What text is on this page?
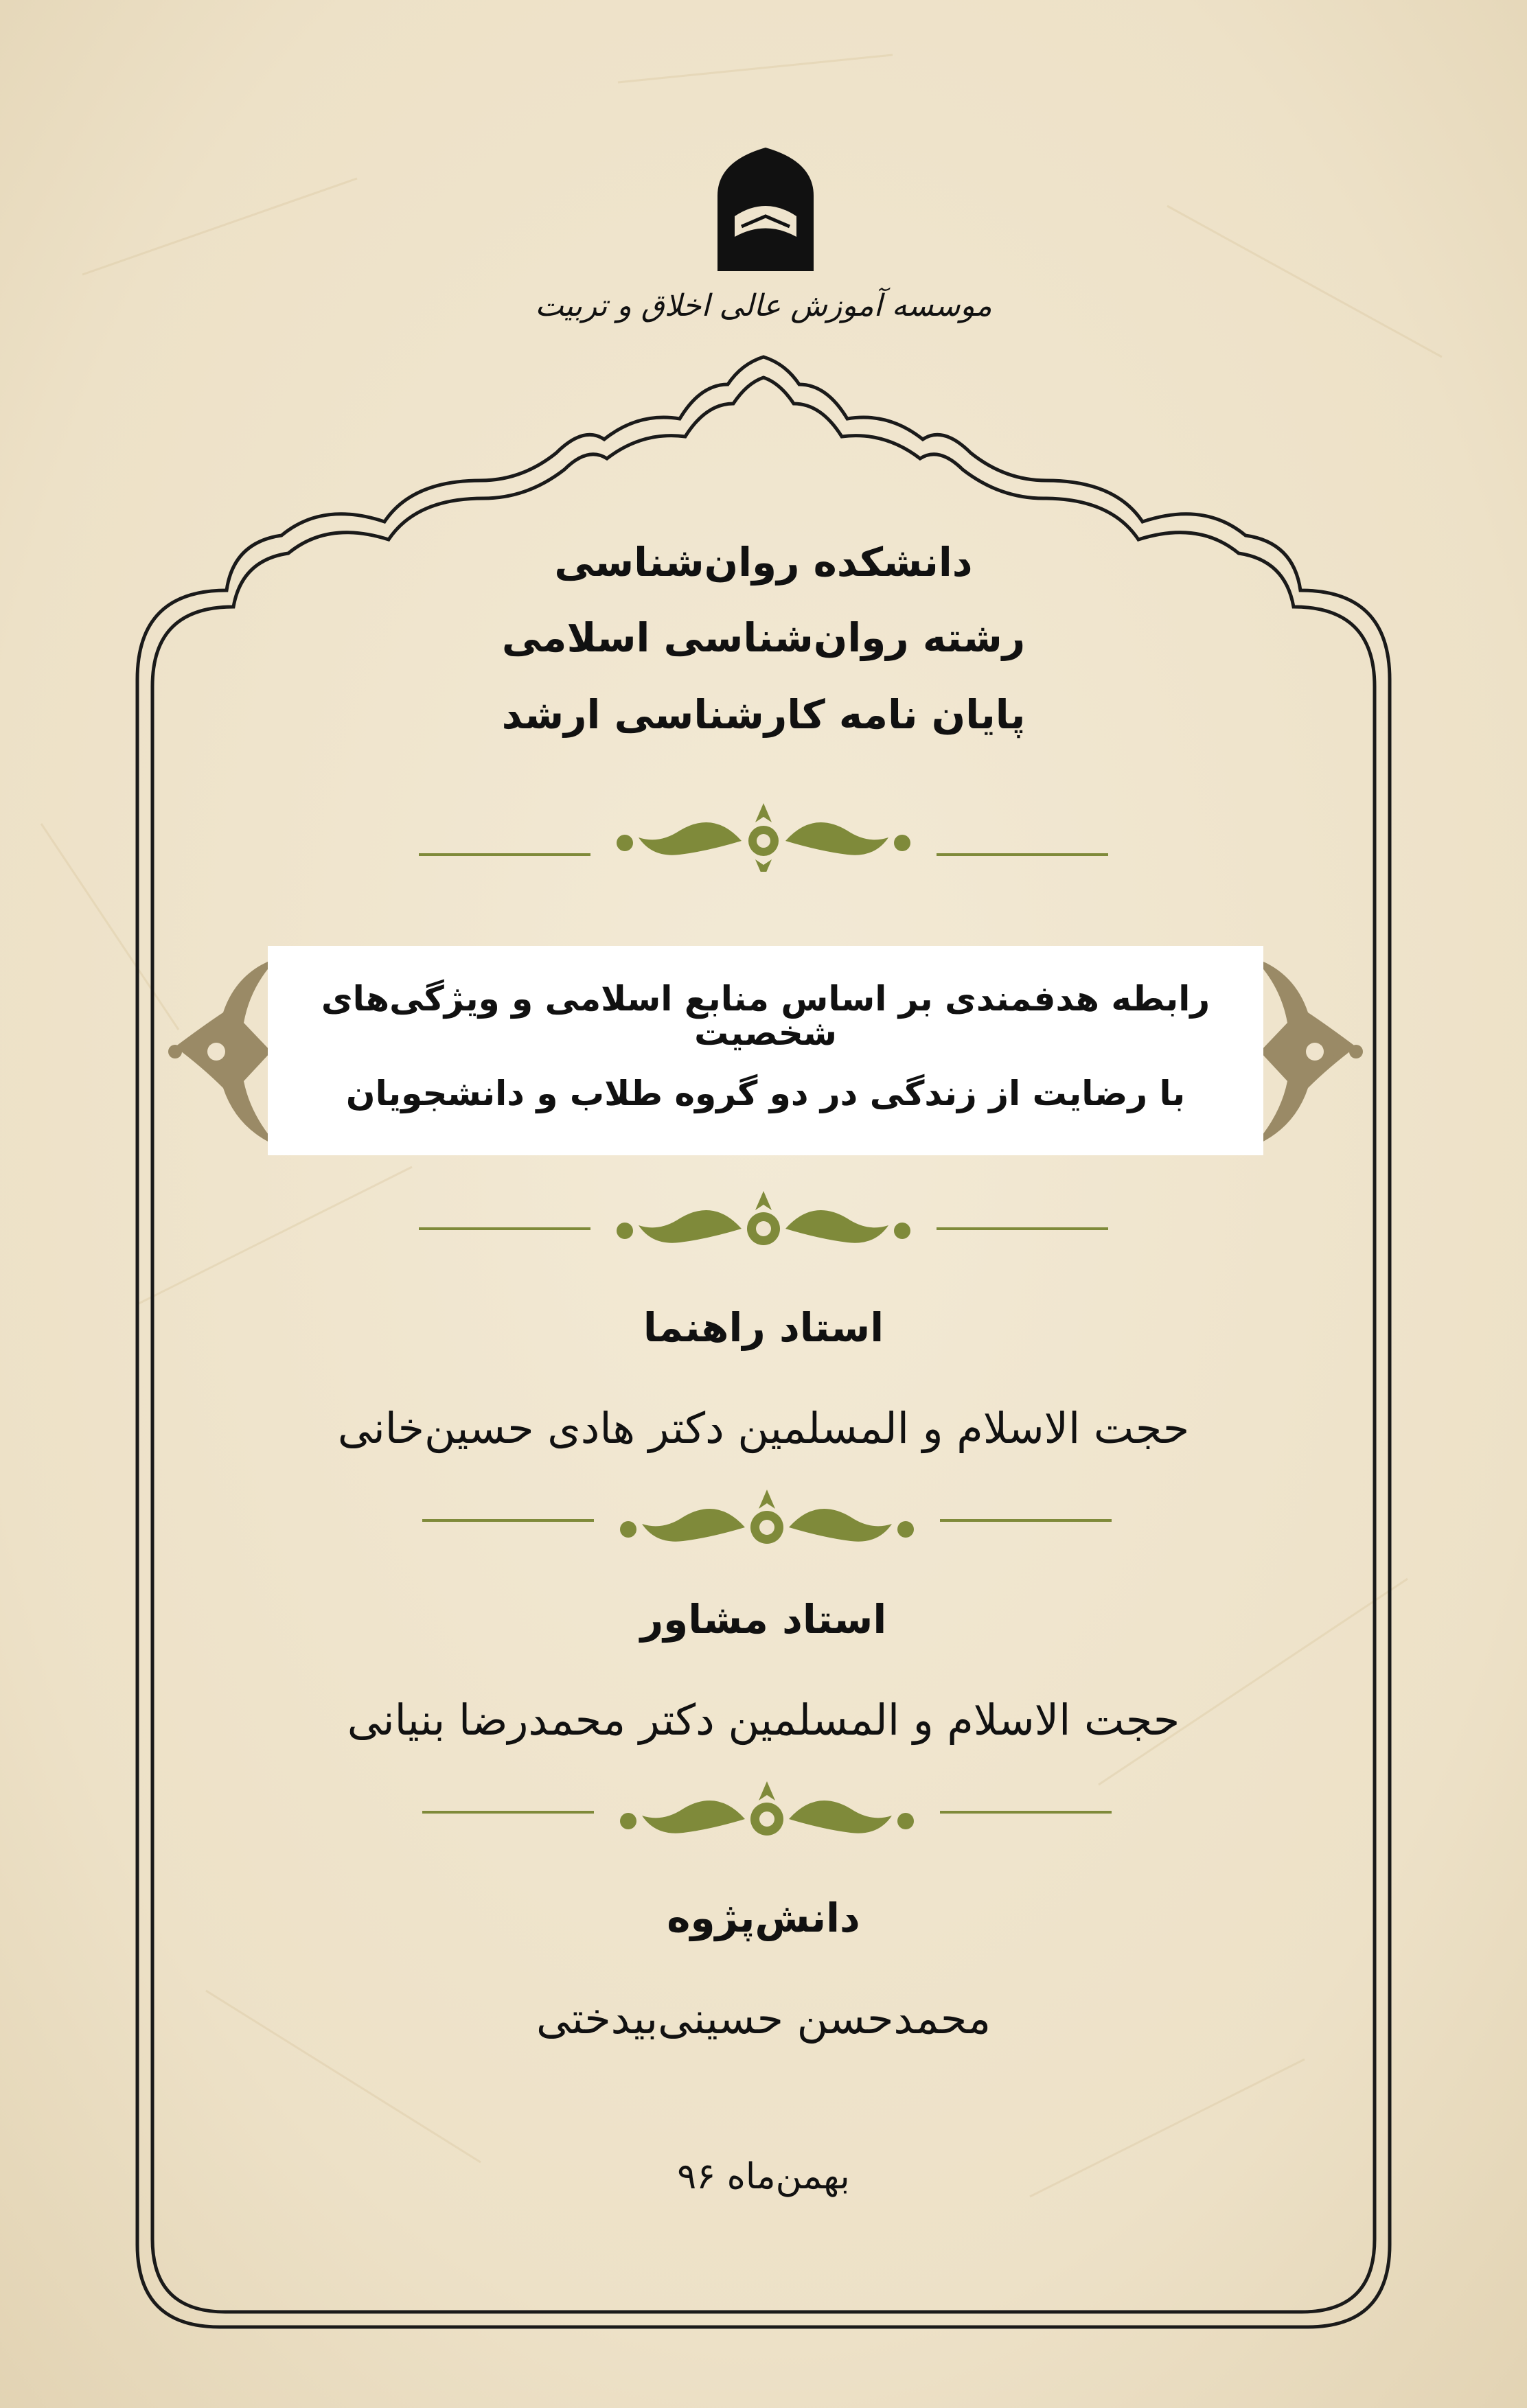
موسسه آموزش عالی اخلاق و تربیت
دانشکده روان‌شناسی
رشته روان‌شناسی اسلامی
پایان نامه کارشناسی ارشد
رابطه هدفمندی بر اساس منابع اسلامی و ویژگی‌های شخصیت
با رضایت از زندگی در دو گروه طلاب و دانشجویان
استاد راهنما
حجت الاسلام و المسلمین دکتر هادی حسین‌خانی
استاد مشاور
حجت الاسلام و المسلمین دکتر محمدرضا بنیانی
دانش‌پژوه
محمدحسن حسینی‌بیدختی
بهمن‌ماه ۹۶
